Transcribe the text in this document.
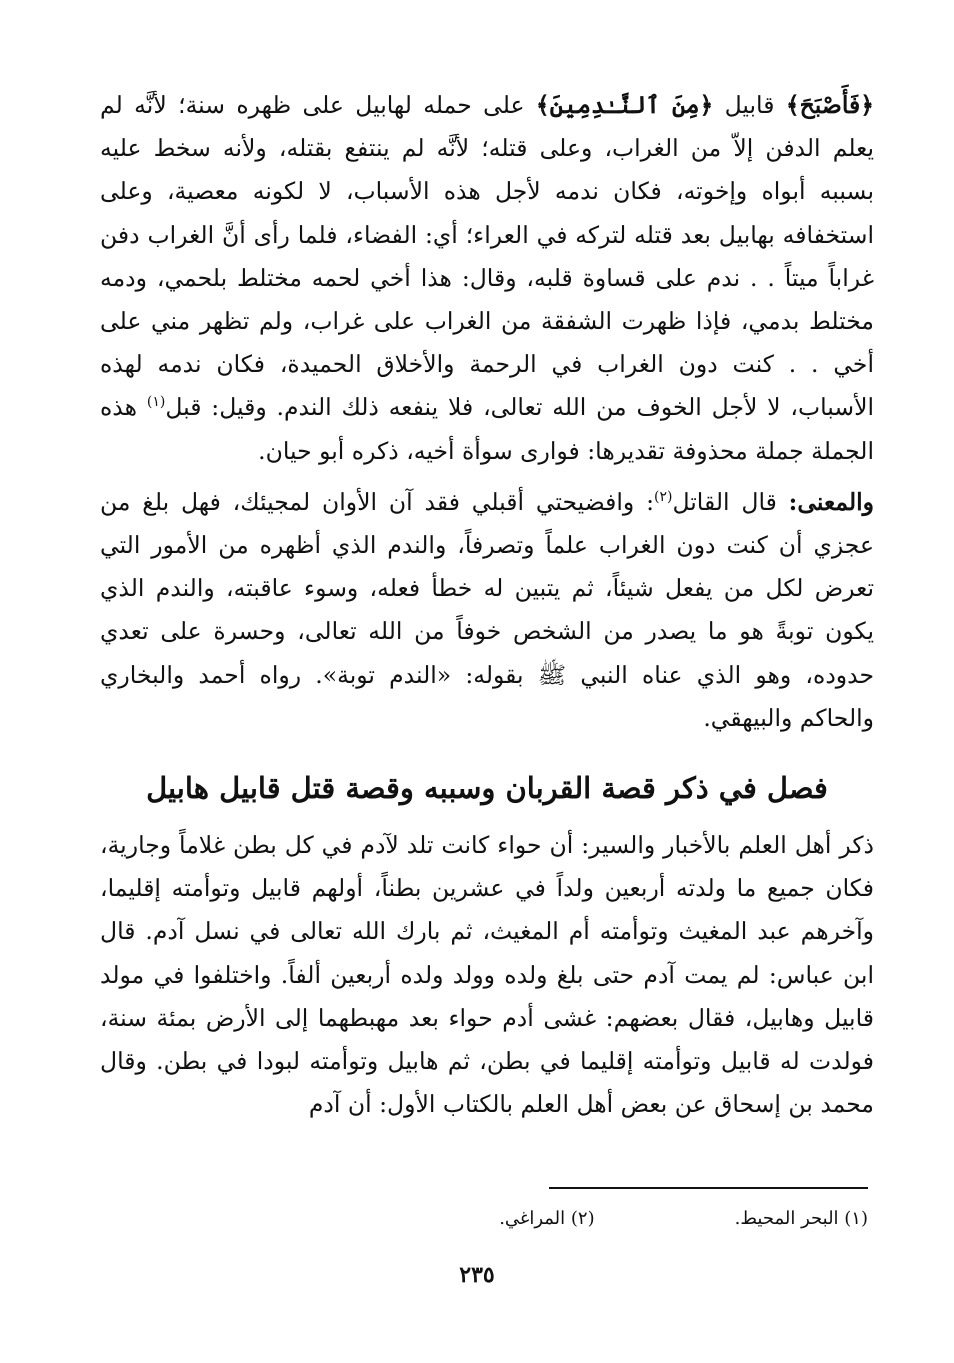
﴿فَأَصْبَحَ﴾ قابيل ﴿مِنَ ٱلنَّـٰدِمِينَ﴾ على حمله لهابيل على ظهره سنة؛ لأنَّه لم يعلم الدفن إلاّ من الغراب، وعلى قتله؛ لأنَّه لم ينتفع بقتله، ولأنه سخط عليه بسببه أبواه وإخوته، فكان ندمه لأجل هذه الأسباب، لا لكونه معصية، وعلى استخفافه بهابيل بعد قتله لتركه في العراء؛ أي: الفضاء، فلما رأى أنَّ الغراب دفن غراباً ميتاً . . ندم على قساوة قلبه، وقال: هذا أخي لحمه مختلط بلحمي، ودمه مختلط بدمي، فإذا ظهرت الشفقة من الغراب على غراب، ولم تظهر مني على أخي . . كنت دون الغراب في الرحمة والأخلاق الحميدة، فكان ندمه لهذه الأسباب، لا لأجل الخوف من الله تعالى، فلا ينفعه ذلك الندم. وقيل: قبل$^{(١)}$ هذه الجملة جملة محذوفة تقديرها: فوارى سوأة أخيه، ذكره أبو حيان.

والمعنى: قال القاتل$^{(٢)}$: وافضيحتي أقبلي فقد آن الأوان لمجيئك، فهل بلغ من عجزي أن كنت دون الغراب علماً وتصرفاً، والندم الذي أظهره من الأمور التي تعرض لكل من يفعل شيئاً، ثم يتبين له خطأ فعله، وسوء عاقبته، والندم الذي يكون توبةً هو ما يصدر من الشخص خوفاً من الله تعالى، وحسرة على تعدي حدوده، وهو الذي عناه النبي ﷺ بقوله: «الندم توبة». رواه أحمد والبخاري والحاكم والبيهقي.

فصل في ذكر قصة القربان وسببه وقصة قتل قابيل هابيل

ذكر أهل العلم بالأخبار والسير: أن حواء كانت تلد لآدم في كل بطن غلاماً وجارية، فكان جميع ما ولدته أربعين ولداً في عشرين بطناً، أولهم قابيل وتوأمته إقليما، وآخرهم عبد المغيث وتوأمته أم المغيث، ثم بارك الله تعالى في نسل آدم. قال ابن عباس: لم يمت آدم حتى بلغ ولده وولد ولده أربعين ألفاً. واختلفوا في مولد قابيل وهابيل، فقال بعضهم: غشى أدم حواء بعد مهبطهما إلى الأرض بمئة سنة، فولدت له قابيل وتوأمته إقليما في بطن، ثم هابيل وتوأمته لبودا في بطن. وقال محمد بن إسحاق عن بعض أهل العلم بالكتاب الأول: أن آدم

(١) البحر المحيط.
(٢) المراغي.
٢٣٥
